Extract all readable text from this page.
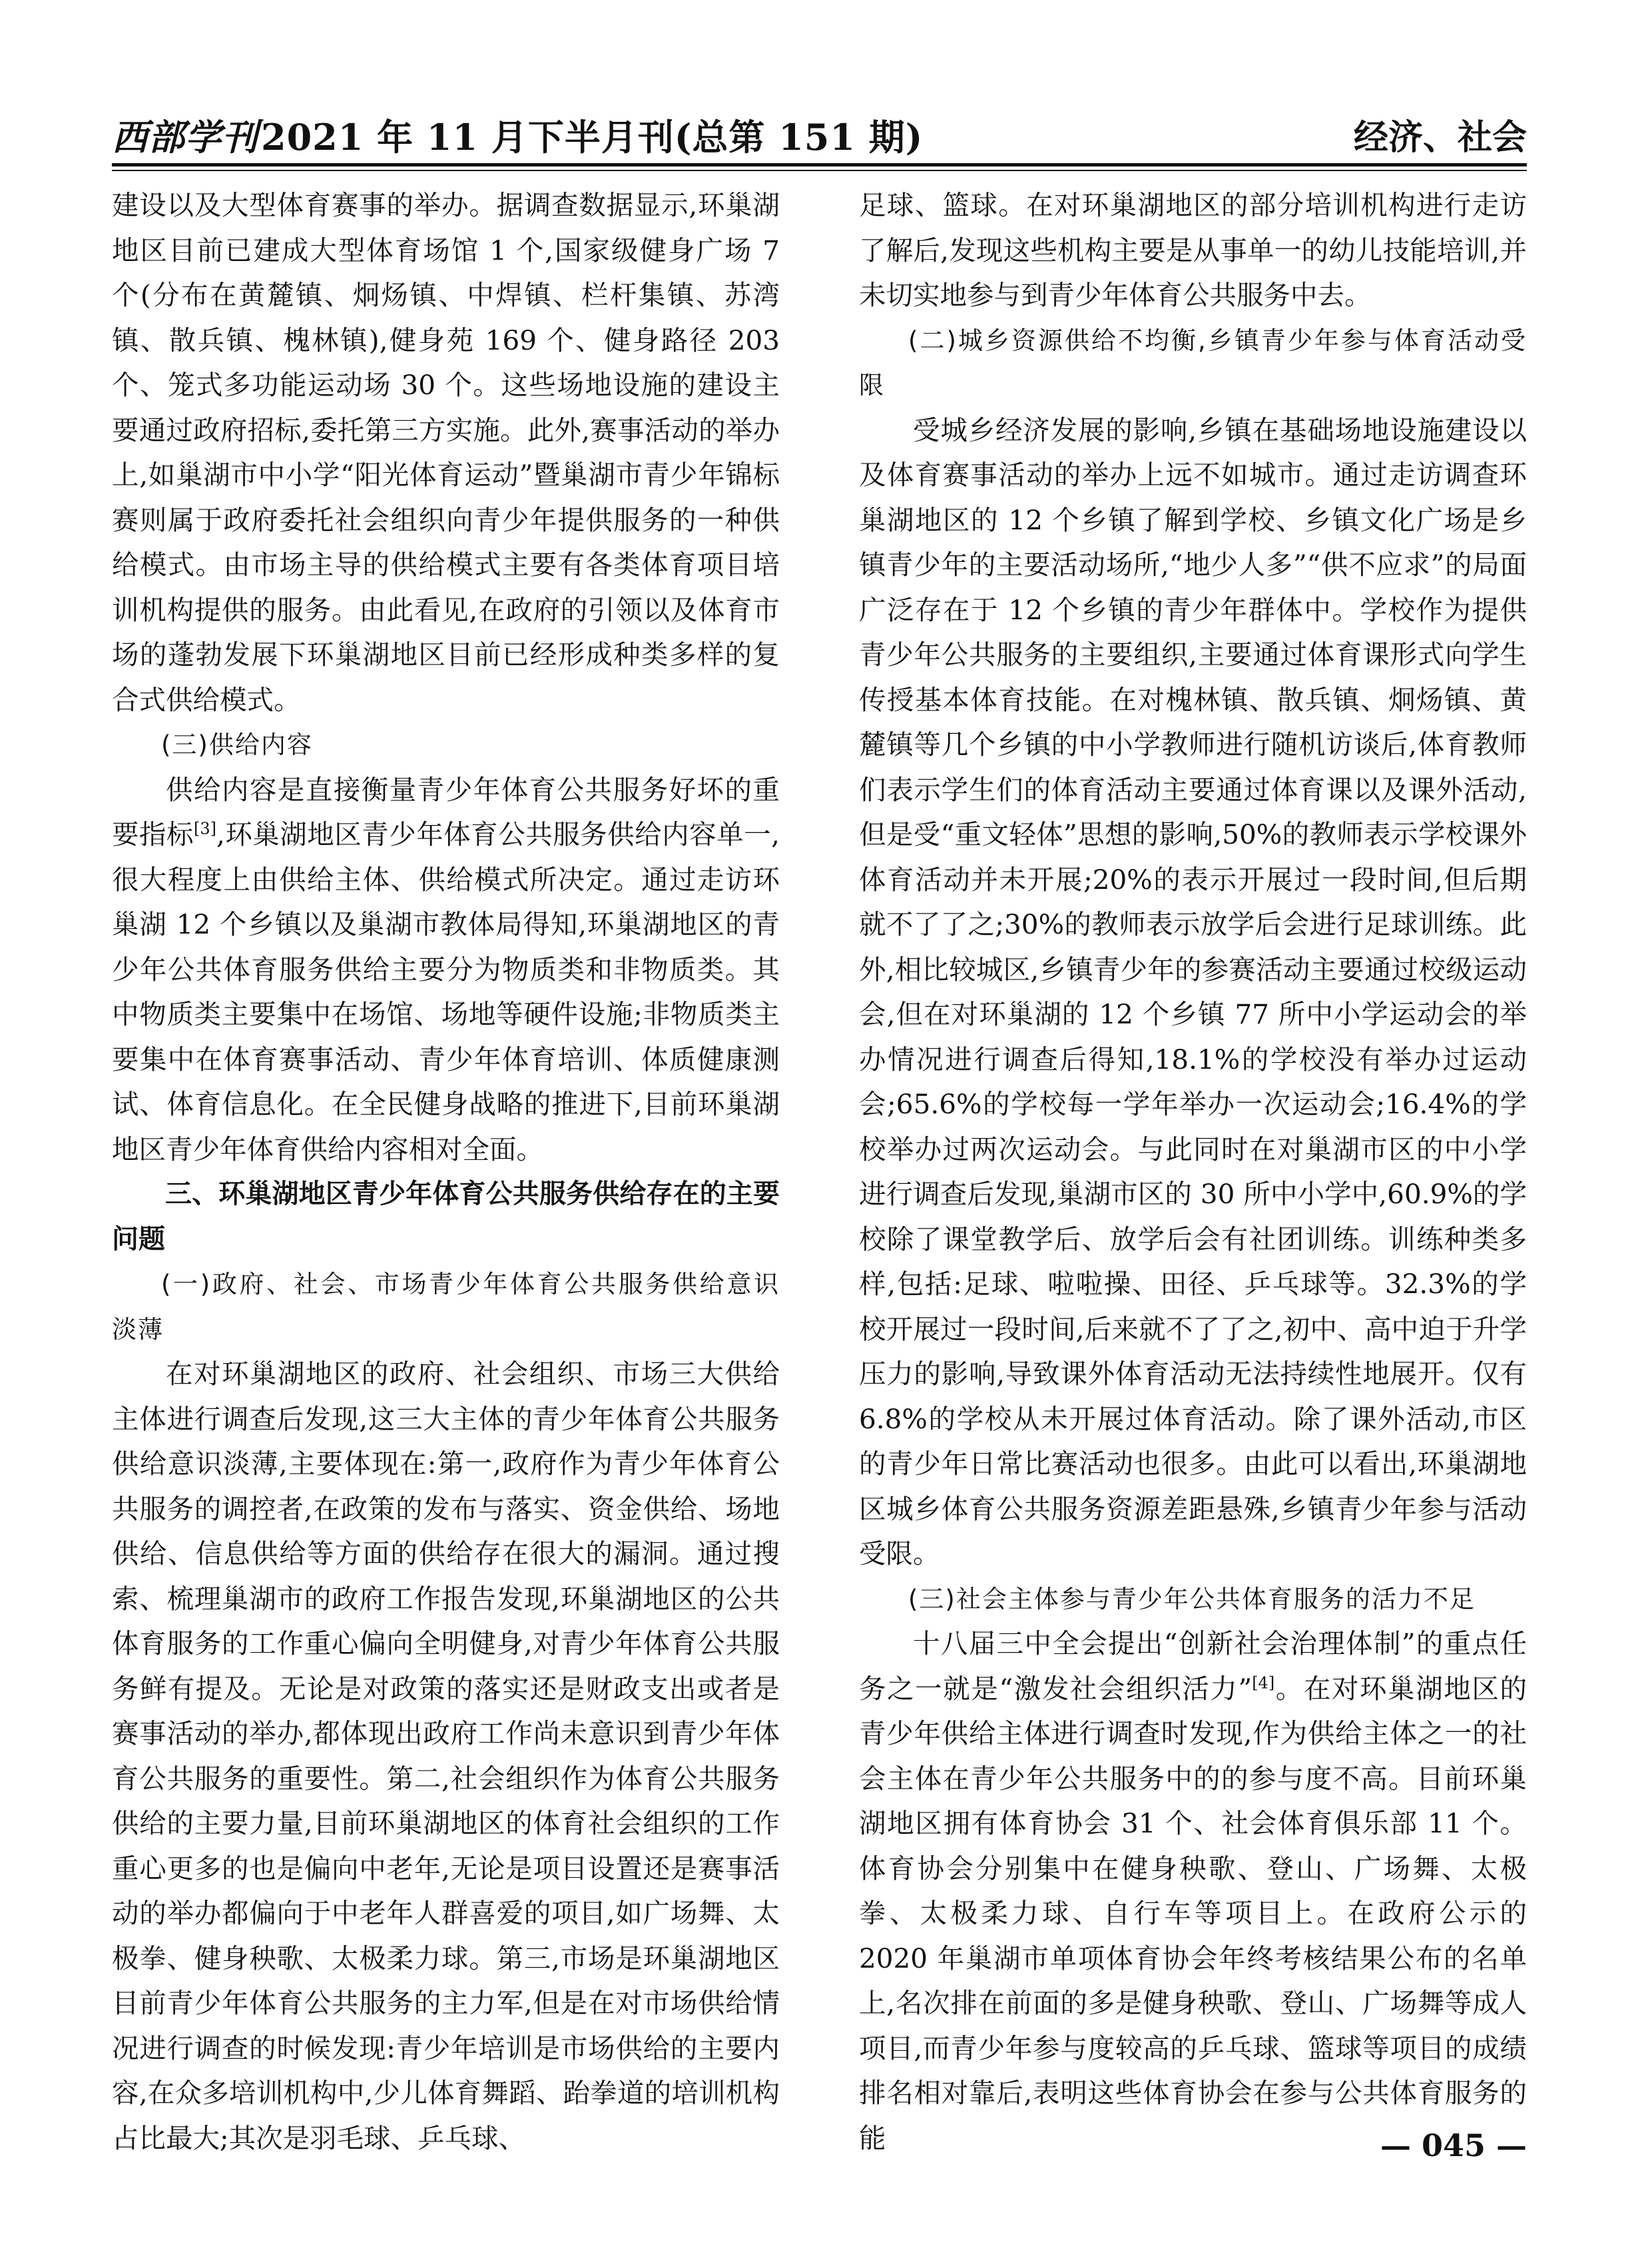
西部学刊2021 年 11 月下半月刊(总第 151 期)	经济、社会

建设以及大型体育赛事的举办。据调查数据显示,环巢湖地区目前已建成大型体育场馆 1 个,国家级健身广场 7 个(分布在黄麓镇、炯炀镇、中焊镇、栏杆集镇、苏湾镇、散兵镇、槐林镇),健身苑 169 个、健身路径 203 个、笼式多功能运动场 30 个。这些场地设施的建设主要通过政府招标,委托第三方实施。此外,赛事活动的举办上,如巢湖市中小学“阳光体育运动”暨巢湖市青少年锦标赛则属于政府委托社会组织向青少年提供服务的一种供给模式。由市场主导的供给模式主要有各类体育项目培训机构提供的服务。由此看见,在政府的引领以及体育市场的蓬勃发展下环巢湖地区目前已经形成种类多样的复合式供给模式。

(三)供给内容

供给内容是直接衡量青少年体育公共服务好坏的重要指标[3],环巢湖地区青少年体育公共服务供给内容单一,很大程度上由供给主体、供给模式所决定。通过走访环巢湖 12 个乡镇以及巢湖市教体局得知,环巢湖地区的青少年公共体育服务供给主要分为物质类和非物质类。其中物质类主要集中在场馆、场地等硬件设施;非物质类主要集中在体育赛事活动、青少年体育培训、体质健康测试、体育信息化。在全民健身战略的推进下,目前环巢湖地区青少年体育供给内容相对全面。

三、环巢湖地区青少年体育公共服务供给存在的主要问题

(一)政府、社会、市场青少年体育公共服务供给意识淡薄

在对环巢湖地区的政府、社会组织、市场三大供给主体进行调查后发现,这三大主体的青少年体育公共服务供给意识淡薄,主要体现在:第一,政府作为青少年体育公共服务的调控者,在政策的发布与落实、资金供给、场地供给、信息供给等方面的供给存在很大的漏洞。通过搜索、梳理巢湖市的政府工作报告发现,环巢湖地区的公共体育服务的工作重心偏向全明健身,对青少年体育公共服务鲜有提及。无论是对政策的落实还是财政支出或者是赛事活动的举办,都体现出政府工作尚未意识到青少年体育公共服务的重要性。第二,社会组织作为体育公共服务供给的主要力量,目前环巢湖地区的体育社会组织的工作重心更多的也是偏向中老年,无论是项目设置还是赛事活动的举办都偏向于中老年人群喜爱的项目,如广场舞、太极拳、健身秧歌、太极柔力球。第三,市场是环巢湖地区目前青少年体育公共服务的主力军,但是在对市场供给情况进行调查的时候发现:青少年培训是市场供给的主要内容,在众多培训机构中,少儿体育舞蹈、跆拳道的培训机构占比最大;其次是羽毛球、乒乓球、

足球、篮球。在对环巢湖地区的部分培训机构进行走访了解后,发现这些机构主要是从事单一的幼儿技能培训,并未切实地参与到青少年体育公共服务中去。

(二)城乡资源供给不均衡,乡镇青少年参与体育活动受限

受城乡经济发展的影响,乡镇在基础场地设施建设以及体育赛事活动的举办上远不如城市。通过走访调查环巢湖地区的 12 个乡镇了解到学校、乡镇文化广场是乡镇青少年的主要活动场所,“地少人多”“供不应求”的局面广泛存在于 12 个乡镇的青少年群体中。学校作为提供青少年公共服务的主要组织,主要通过体育课形式向学生传授基本体育技能。在对槐林镇、散兵镇、炯炀镇、黄麓镇等几个乡镇的中小学教师进行随机访谈后,体育教师们表示学生们的体育活动主要通过体育课以及课外活动,但是受“重文轻体”思想的影响,50%的教师表示学校课外体育活动并未开展;20%的表示开展过一段时间,但后期就不了了之;30%的教师表示放学后会进行足球训练。此外,相比较城区,乡镇青少年的参赛活动主要通过校级运动会,但在对环巢湖的 12 个乡镇 77 所中小学运动会的举办情况进行调查后得知,18.1%的学校没有举办过运动会;65.6%的学校每一学年举办一次运动会;16.4%的学校举办过两次运动会。与此同时在对巢湖市区的中小学进行调查后发现,巢湖市区的 30 所中小学中,60.9%的学校除了课堂教学后、放学后会有社团训练。训练种类多样,包括:足球、啦啦操、田径、乒乓球等。32.3%的学校开展过一段时间,后来就不了了之,初中、高中迫于升学压力的影响,导致课外体育活动无法持续性地展开。仅有 6.8%的学校从未开展过体育活动。除了课外活动,市区的青少年日常比赛活动也很多。由此可以看出,环巢湖地区城乡体育公共服务资源差距悬殊,乡镇青少年参与活动受限。

(三)社会主体参与青少年公共体育服务的活力不足

十八届三中全会提出“创新社会治理体制”的重点任务之一就是“激发社会组织活力”[4]。在对环巢湖地区的青少年供给主体进行调查时发现,作为供给主体之一的社会主体在青少年公共服务中的的参与度不高。目前环巢湖地区拥有体育协会 31 个、社会体育俱乐部 11 个。体育协会分别集中在健身秧歌、登山、广场舞、太极拳、太极柔力球、自行车等项目上。在政府公示的 2020 年巢湖市单项体育协会年终考核结果公布的名单上,名次排在前面的多是健身秧歌、登山、广场舞等成人项目,而青少年参与度较高的乒乓球、篮球等项目的成绩排名相对靠后,表明这些体育协会在参与公共体育服务的能	— 045 —
